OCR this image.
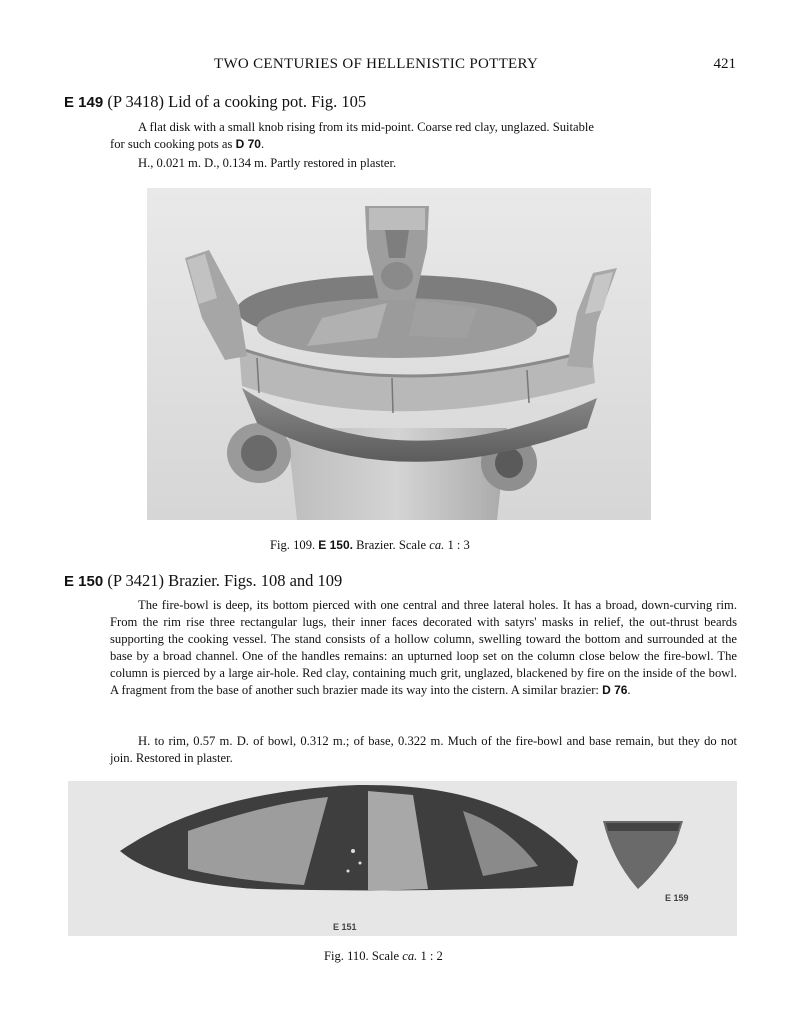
TWO CENTURIES OF HELLENISTIC POTTERY	421
E 149 (P 3418) Lid of a cooking pot. Fig. 105

A flat disk with a small knob rising from its mid-point. Coarse red clay, unglazed. Suitable
for such cooking pots as D 70.

H., 0.021 m. D., 0.134 m. Partly restored in plaster.

Fig. 109. E 150. Brazier. Scale ca. 1 : 3
E 150 (P 3421) Brazier. Figs. 108 and 109

The fire-bowl is deep, its bottom pierced with one central and three lateral holes. It has a broad, down-curving rim. From the rim rise three rectangular lugs, their inner faces decorated with satyrs' masks in relief, the out-thrust beards supporting the cooking vessel. The stand consists of a hollow column, swelling toward the bottom and surrounded at the base by a broad channel. One of the handles remains: an upturned loop set on the column close below the fire-bowl. The column is pierced by a large air-hole. Red clay, containing much grit, unglazed, blackened by fire on the inside of the bowl. A fragment from the base of another such brazier made its way into the cistern. A similar brazier: D 76.

H. to rim, 0.57 m. D. of bowl, 0.312 m.; of base, 0.322 m. Much of the fire-bowl and base remain, but they do not join. Restored in plaster.

E 151
E 159
Fig. 110. Scale ca. 1 : 2
